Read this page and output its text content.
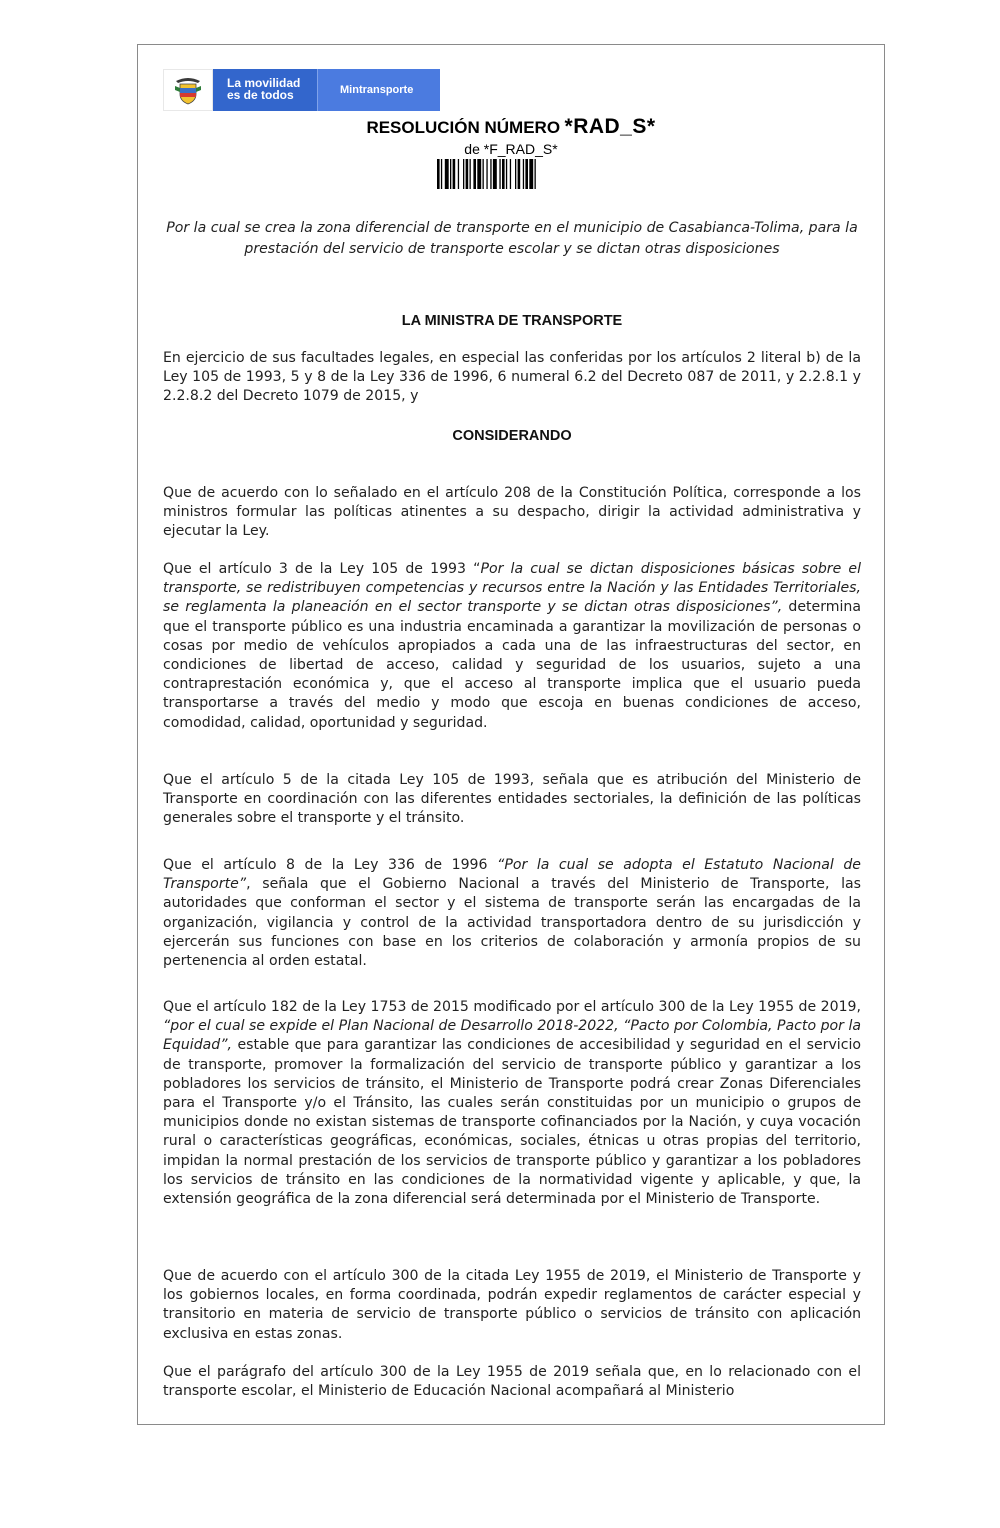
La movilidad
es de todos	Mintransporte
RESOLUCIÓN NÚMERO *RAD_S*
de *F_RAD_S*
Por la cual se crea la zona diferencial de transporte en el municipio de Casabianca-Tolima, para la prestación del servicio de transporte escolar y se dictan otras disposiciones
LA MINISTRA DE TRANSPORTE
En ejercicio de sus facultades legales, en especial las conferidas por los artículos 2 literal b) de la Ley 105 de 1993, 5 y 8 de la Ley 336 de 1996, 6 numeral 6.2 del Decreto 087 de 2011, y 2.2.8.1 y 2.2.8.2 del Decreto 1079 de 2015, y
CONSIDERANDO
Que de acuerdo con lo señalado en el artículo 208 de la Constitución Política, corresponde a los ministros formular las políticas atinentes a su despacho, dirigir la actividad administrativa y ejecutar la Ley.
Que el artículo 3 de la Ley 105 de 1993 “Por la cual se dictan disposiciones básicas sobre el transporte, se redistribuyen competencias y recursos entre la Nación y las Entidades Territoriales, se reglamenta la planeación en el sector transporte y se dictan otras disposiciones”, determina que el transporte público es una industria encaminada a garantizar la movilización de personas o cosas por medio de vehículos apropiados a cada una de las infraestructuras del sector, en condiciones de libertad de acceso, calidad y seguridad de los usuarios, sujeto a una contraprestación económica y, que el acceso al transporte implica que el usuario pueda transportarse a través del medio y modo que escoja en buenas condiciones de acceso, comodidad, calidad, oportunidad y seguridad.
Que el artículo 5 de la citada Ley 105 de 1993, señala que es atribución del Ministerio de Transporte en coordinación con las diferentes entidades sectoriales, la definición de las políticas generales sobre el transporte y el tránsito.
Que el artículo 8 de la Ley 336 de 1996 “Por la cual se adopta el Estatuto Nacional de Transporte”, señala que el Gobierno Nacional a través del Ministerio de Transporte, las autoridades que conforman el sector y el sistema de transporte serán las encargadas de la organización, vigilancia y control de la actividad transportadora dentro de su jurisdicción y ejercerán sus funciones con base en los criterios de colaboración y armonía propios de su pertenencia al orden estatal.
Que el artículo 182 de la Ley 1753 de 2015 modificado por el artículo 300 de la Ley 1955 de 2019, “por el cual se expide el Plan Nacional de Desarrollo 2018-2022, “Pacto por Colombia, Pacto por la Equidad”, estable que para garantizar las condiciones de accesibilidad y seguridad en el servicio de transporte, promover la formalización del servicio de transporte público y garantizar a los pobladores los servicios de tránsito, el Ministerio de Transporte podrá crear Zonas Diferenciales para el Transporte y/o el Tránsito, las cuales serán constituidas por un municipio o grupos de municipios donde no existan sistemas de transporte cofinanciados por la Nación, y cuya vocación rural o características geográficas, económicas, sociales, étnicas u otras propias del territorio, impidan la normal prestación de los servicios de transporte público y garantizar a los pobladores los servicios de tránsito en las condiciones de la normatividad vigente y aplicable, y que, la extensión geográfica de la zona diferencial será determinada por el Ministerio de Transporte.
Que de acuerdo con el artículo 300 de la citada Ley 1955 de 2019, el Ministerio de Transporte y los gobiernos locales, en forma coordinada, podrán expedir reglamentos de carácter especial y transitorio en materia de servicio de transporte público o servicios de tránsito con aplicación exclusiva en estas zonas.
Que el parágrafo del artículo 300 de la Ley 1955 de 2019 señala que, en lo relacionado con el transporte escolar, el Ministerio de Educación Nacional acompañará al Ministerio
